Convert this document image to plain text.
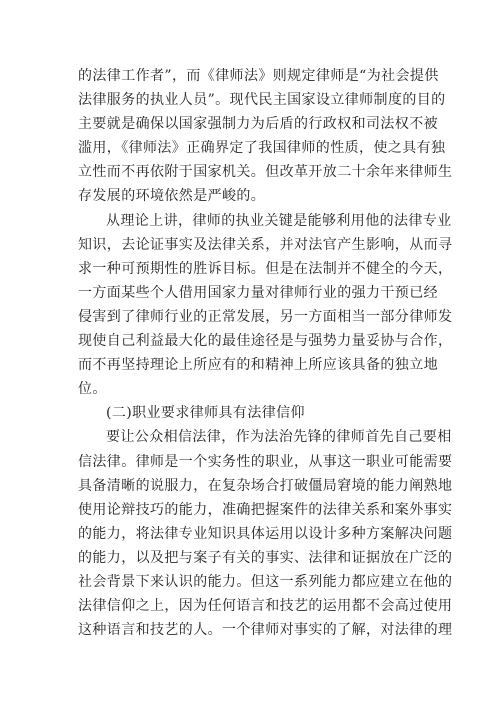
的法律工作者”，而《律师法》则规定律师是“为社会提供
法律服务的执业人员”。现代民主国家设立律师制度的目的
主要就是确保以国家强制力为后盾的行政权和司法权不被
滥用，《律师法》正确界定了我国律师的性质，使之具有独
立性而不再依附于国家机关。但改革开放二十余年来律师生
存发展的环境依然是严峻的。

从理论上讲，律师的执业关键是能够利用他的法律专业
知识，去论证事实及法律关系，并对法官产生影响，从而寻
求一种可预期性的胜诉目标。但是在法制并不健全的今天，
一方面某些个人借用国家力量对律师行业的强力干预已经
侵害到了律师行业的正常发展，另一方面相当一部分律师发
现使自己利益最大化的最佳途径是与强势力量妥协与合作，
而不再坚持理论上所应有的和精神上所应该具备的独立地
位。

(二)职业要求律师具有法律信仰

要让公众相信法律，作为法治先锋的律师首先自己要相
信法律。律师是一个实务性的职业，从事这一职业可能需要
具备清晰的说服力，在复杂场合打破僵局窘境的能力阐熟地
使用论辩技巧的能力，准确把握案件的法律关系和案外事实
的能力，将法律专业知识具体运用以设计多种方案解决问题
的能力，以及把与案子有关的事实、法律和证据放在广泛的
社会背景下来认识的能力。但这一系列能力都应建立在他的
法律信仰之上，因为任何语言和技艺的运用都不会高过使用
这种语言和技艺的人。一个律师对事实的了解，对法律的理
